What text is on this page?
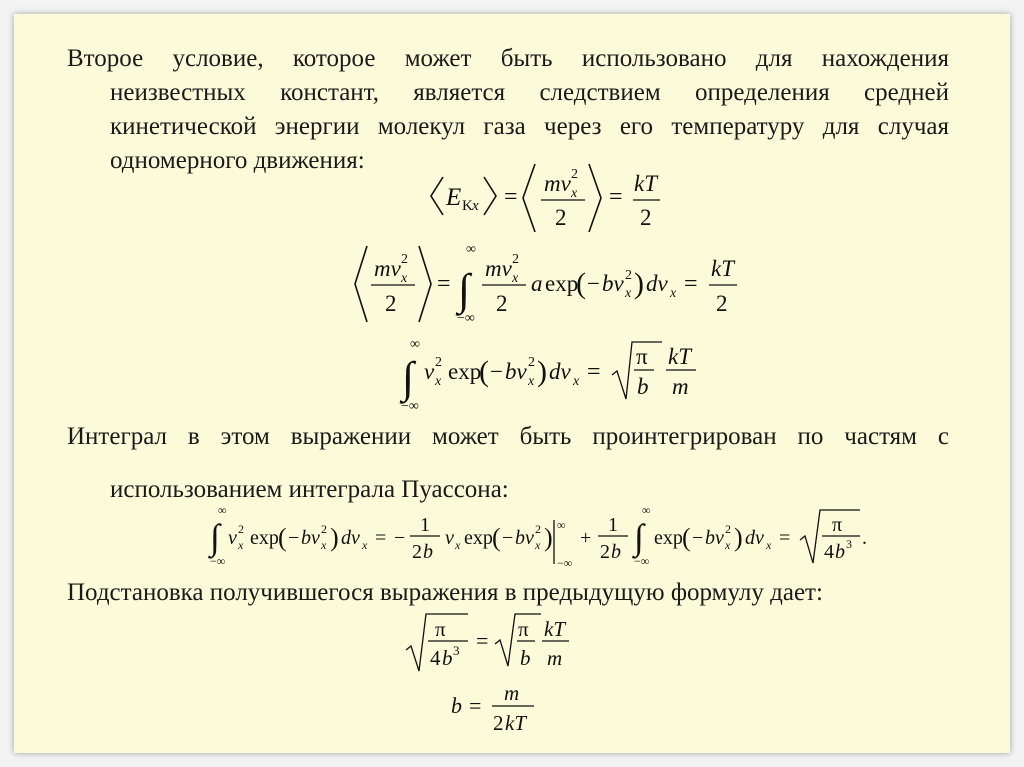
Второе условие, которое может быть использовано для нахождения

неизвестных констант, является следствием определения средней

кинетической энергии молекул газа через его температуру для случая

одномерного движения:

Интеграл в этом выражении может быть проинтегрирован по частям с

использованием интеграла Пуассона:

Подстановка получившегося выражения в предыдущую формулу дает:

E K x =
mv 2
x
2
=
kT
2
mv 2
x
2
=
∞
∫
−∞
mv 2
x
2
a exp
( − bv 2
x ) dv x =
kT
2
∞
∫
−∞
v 2
x exp
( − bv 2
x ) dv x =
π
b
kT
m
∞
∫
−∞
v 2
x exp ( − bv 2
x ) dv x = −
1
2 b
v x exp ( − bv 2
x ) ∞
−∞
+
1
2 b
∞
∫
−∞
exp ( − bv 2
x ) dv x =
π
4 b 3 .
π
4 b 3 = π
b
kT
m
b = m
2 kT
